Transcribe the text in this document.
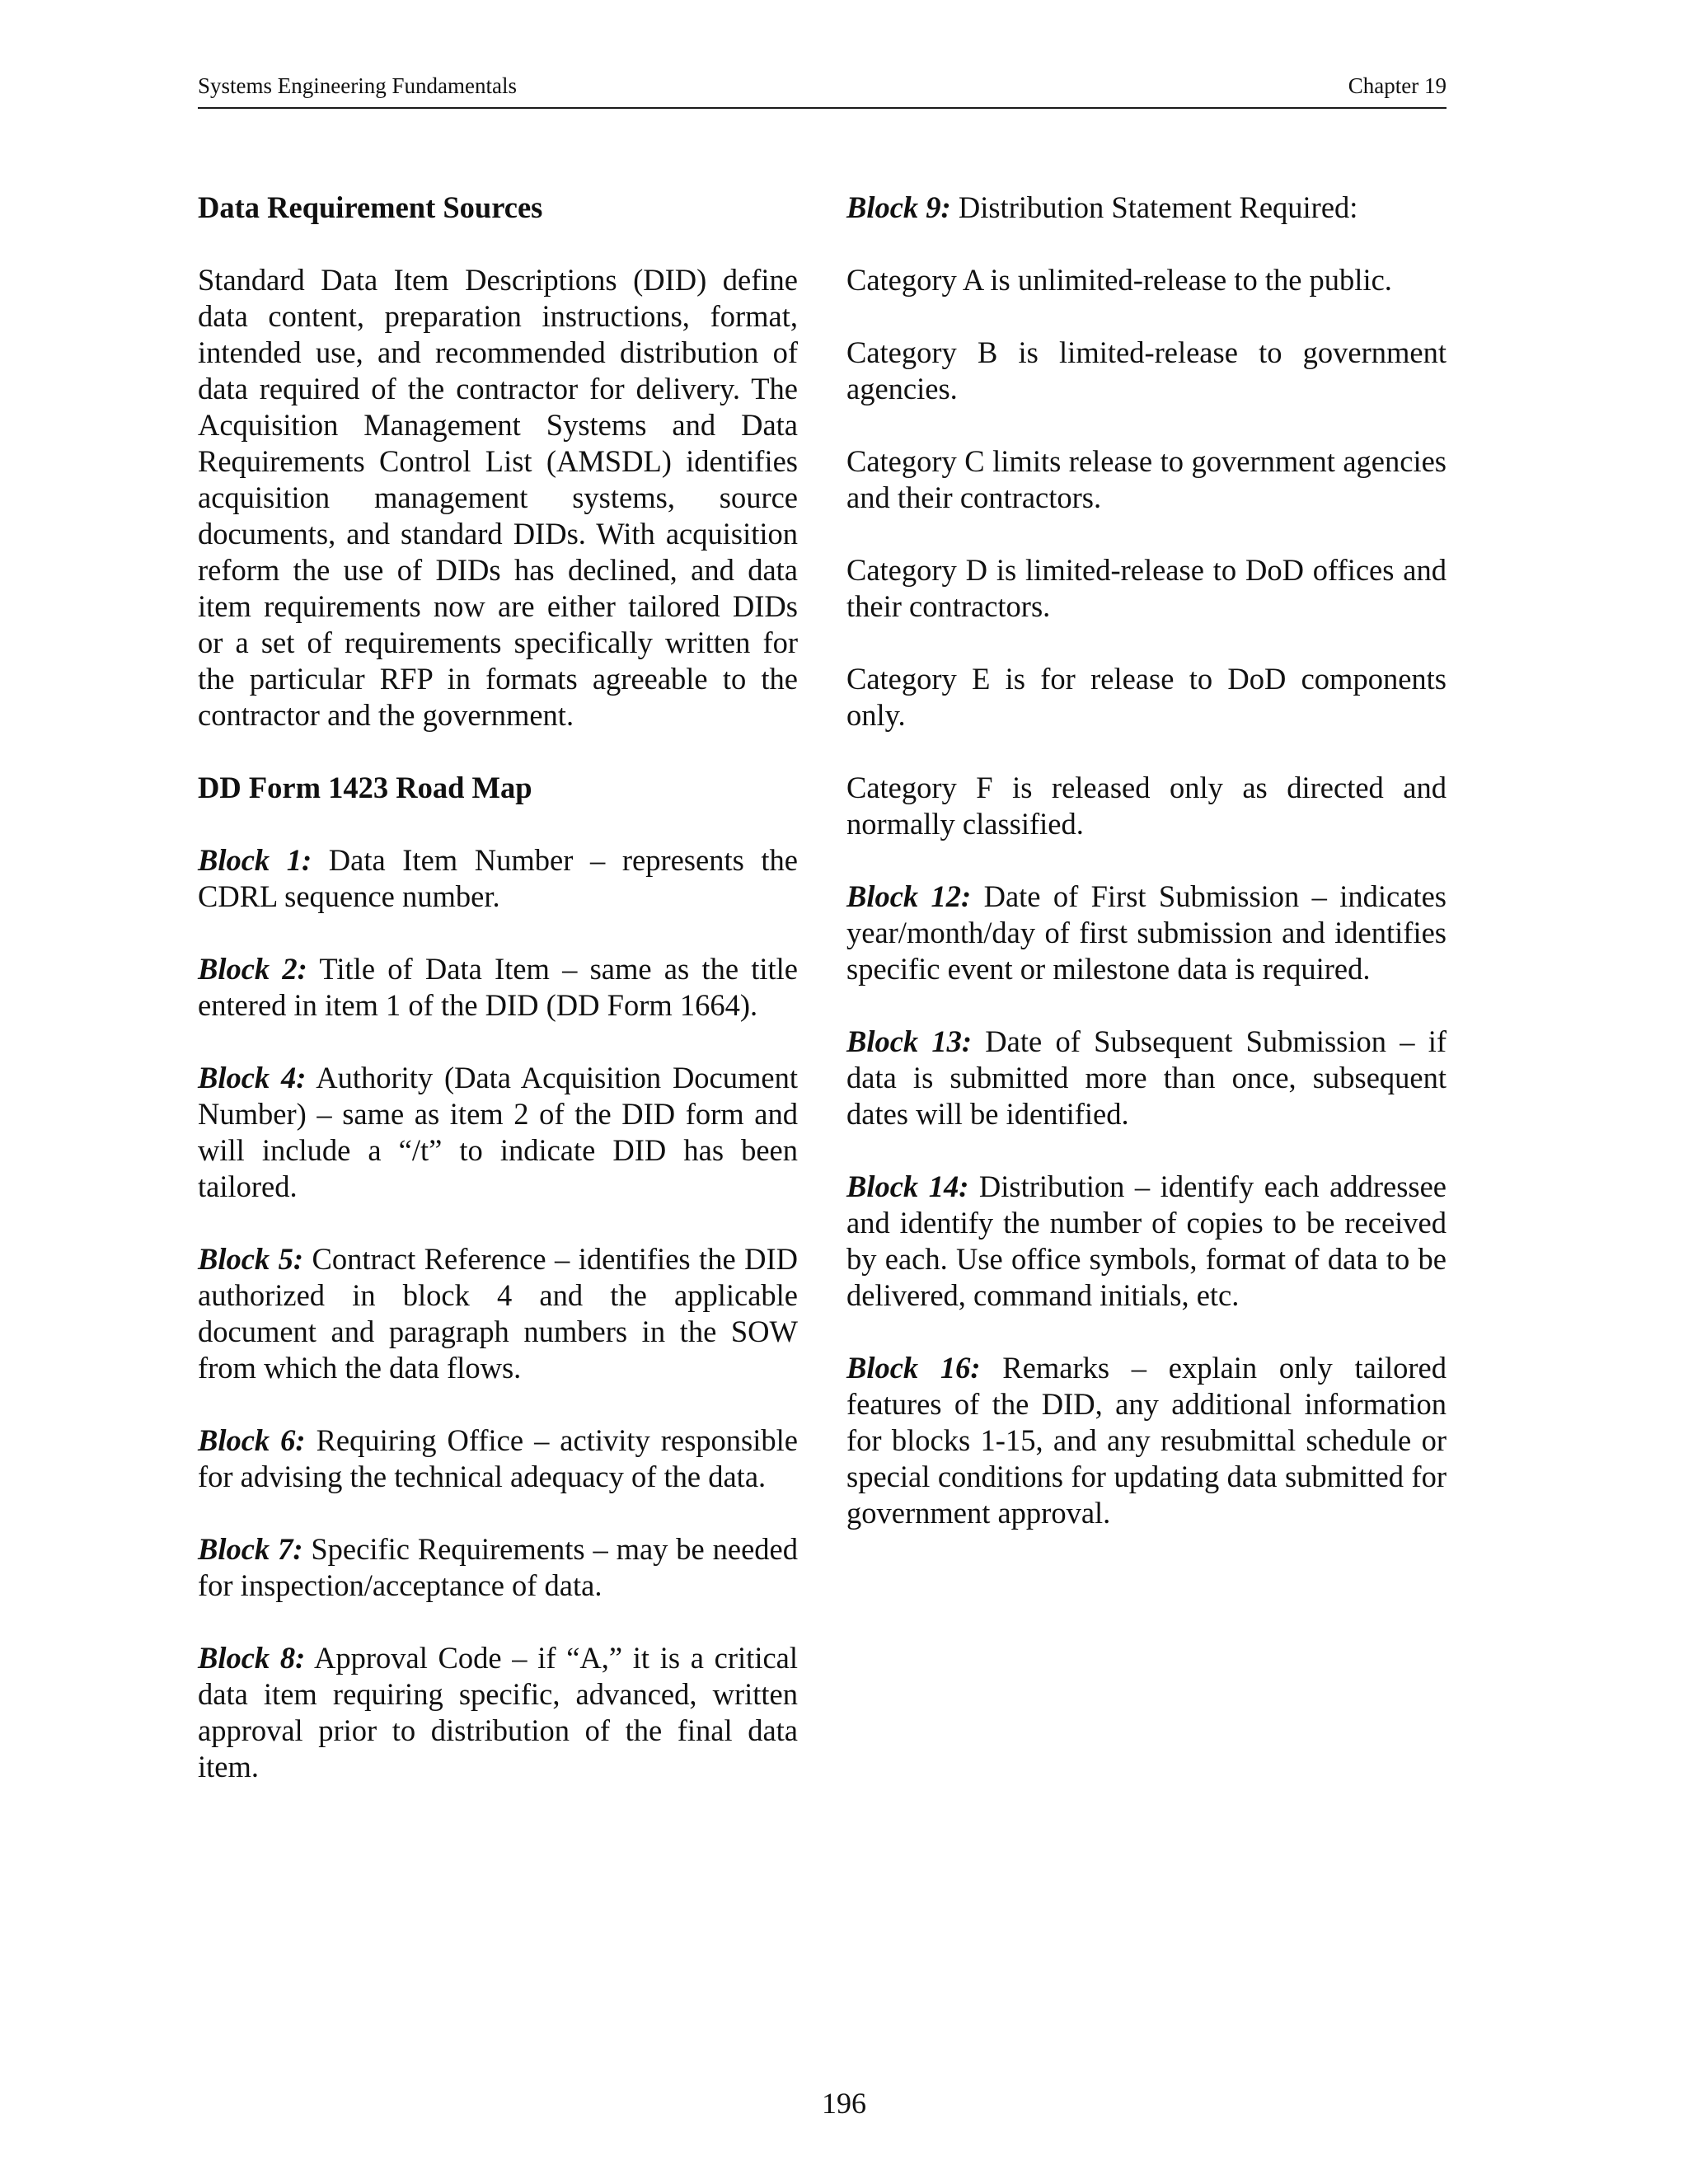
Systems Engineering Fundamentals	Chapter 19
Data Requirement Sources

Standard Data Item Descriptions (DID) define data content, preparation instructions, format, intended use, and recommended distribution of data required of the contractor for delivery. The Acquisition Management Systems and Data Requirements Control List (AMSDL) identifies acquisition management systems, source documents, and standard DIDs. With acquisition reform the use of DIDs has declined, and data item requirements now are either tailored DIDs or a set of requirements specifically written for the particular RFP in formats agreeable to the contractor and the government.

DD Form 1423 Road Map

Block 1: Data Item Number – represents the CDRL sequence number.

Block 2: Title of Data Item – same as the title entered in item 1 of the DID (DD Form 1664).

Block 4: Authority (Data Acquisition Document Number) – same as item 2 of the DID form and will include a “/t” to indicate DID has been tailored.

Block 5: Contract Reference – identifies the DID authorized in block 4 and the applicable document and paragraph numbers in the SOW from which the data flows.

Block 6: Requiring Office – activity responsible for advising the technical adequacy of the data.

Block 7: Specific Requirements – may be needed for inspection/acceptance of data.

Block 8: Approval Code – if “A,” it is a critical data item requiring specific, advanced, written approval prior to distribution of the final data item.

Block 9: Distribution Statement Required:

Category A is unlimited-release to the public.

Category B is limited-release to government agencies.

Category C limits release to government agencies and their contractors.

Category D is limited-release to DoD offices and their contractors.

Category E is for release to DoD components only.

Category F is released only as directed and normally classified.

Block 12: Date of First Submission – indicates year/month/day of first submission and identifies specific event or milestone data is required.

Block 13: Date of Subsequent Submission – if data is submitted more than once, subsequent dates will be identified.

Block 14: Distribution – identify each addressee and identify the number of copies to be received by each. Use office symbols, format of data to be delivered, command initials, etc.

Block 16: Remarks – explain only tailored features of the DID, any additional information for blocks 1-15, and any resubmittal schedule or special conditions for updating data submitted for government approval.

196
